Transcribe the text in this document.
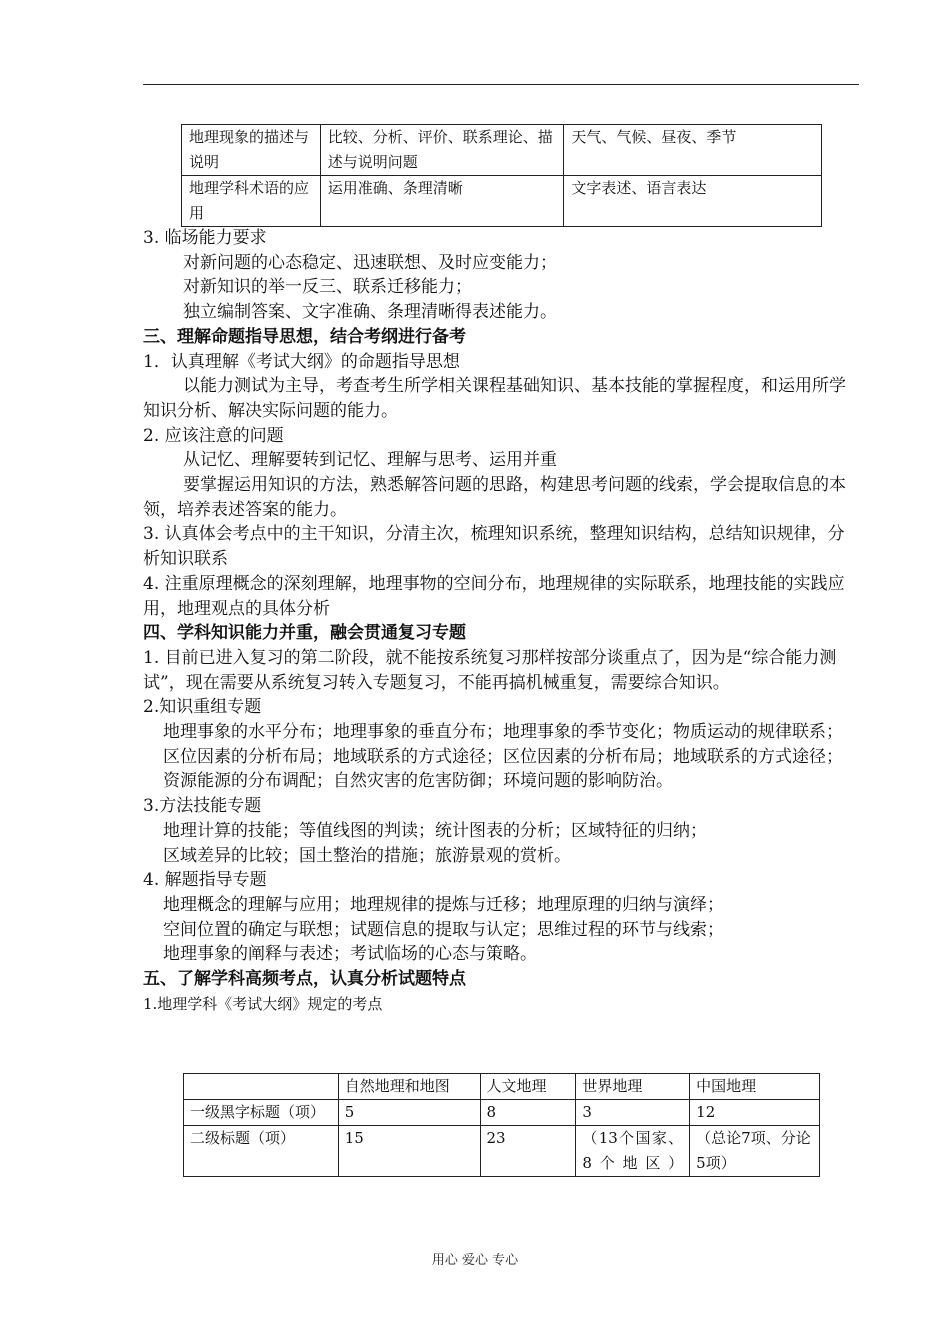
地理现象的描述与说明	比较、分析、评价、联系理论、描述与说明问题	天气、气候、昼夜、季节
地理学科术语的应用	运用准确、条理清晰	文字表述、语言表达

3. 临场能力要求

对新问题的心态稳定、迅速联想、及时应变能力；

对新知识的举一反三、联系迁移能力；

独立编制答案、文字准确、条理清晰得表述能力。

三、理解命题指导思想，结合考纲进行备考

1．认真理解《考试大纲》的命题指导思想

以能力测试为主导，考查考生所学相关课程基础知识、基本技能的掌握程度，和运用所学知识分析、解决实际问题的能力。

2. 应该注意的问题

从记忆、理解要转到记忆、理解与思考、运用并重

要掌握运用知识的方法，熟悉解答问题的思路，构建思考问题的线索，学会提取信息的本领，培养表述答案的能力。

3. 认真体会考点中的主干知识，分清主次，梳理知识系统，整理知识结构，总结知识规律，分析知识联系

4. 注重原理概念的深刻理解，地理事物的空间分布，地理规律的实际联系，地理技能的实践应用，地理观点的具体分析

四、学科知识能力并重，融会贯通复习专题

1. 目前已进入复习的第二阶段，就不能按系统复习那样按部分谈重点了，因为是“综合能力测试”，现在需要从系统复习转入专题复习，不能再搞机械重复，需要综合知识。

2.知识重组专题

地理事象的水平分布；地理事象的垂直分布；地理事象的季节变化；物质运动的规律联系；

区位因素的分析布局；地域联系的方式途径；区位因素的分析布局；地域联系的方式途径；

资源能源的分布调配；自然灾害的危害防御；环境问题的影响防治。

3.方法技能专题

地理计算的技能；等值线图的判读；统计图表的分析；区域特征的归纳；

区域差异的比较；国土整治的措施；旅游景观的赏析。

4. 解题指导专题

地理概念的理解与应用；地理规律的提炼与迁移；地理原理的归纳与演绎；

空间位置的确定与联想；试题信息的提取与认定；思维过程的环节与线索；

地理事象的阐释与表述；考试临场的心态与策略。

五、了解学科高频考点，认真分析试题特点

1.地理学科《考试大纲》规定的考点

	自然地理和地图	人文地理	世界地理	中国地理
一级黑字标题（项）	5	8	3	12
二级标题（项）	15	23	（13个国家、8个地区）	（总论7项、分论5项）
用心 爱心 专心
